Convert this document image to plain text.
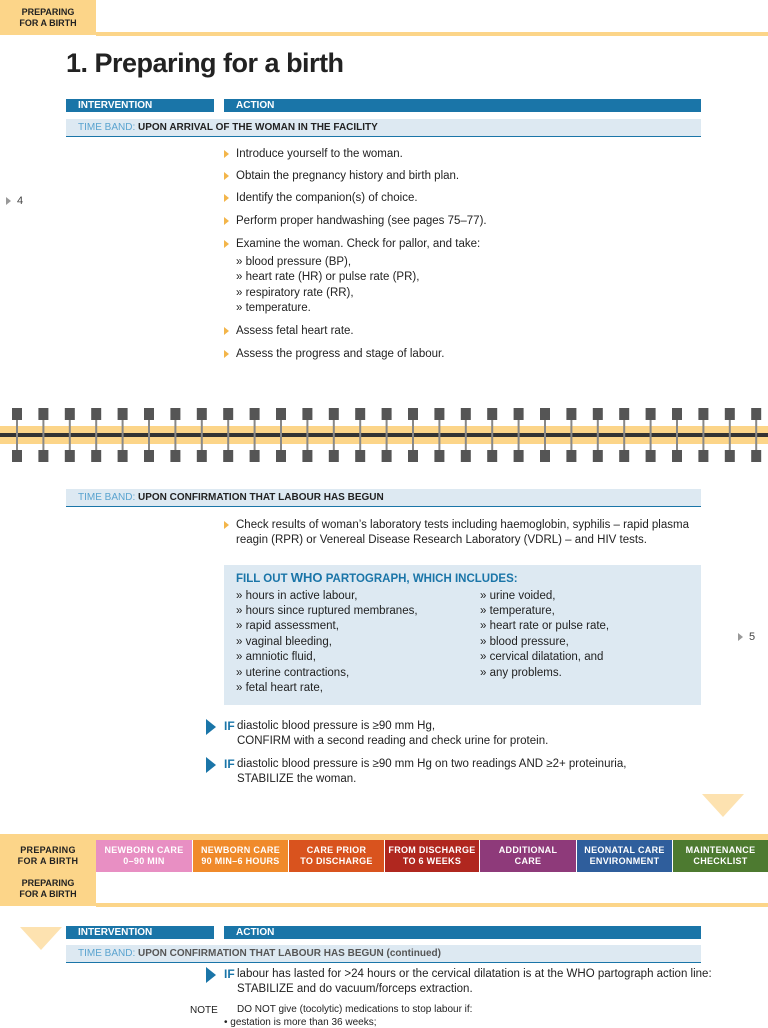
PREPARING
FOR A BIRTH
1. Preparing for a birth
INTERVENTION	ACTION
TIME BAND: UPON ARRIVAL OF THE WOMAN IN THE FACILITY
Introduce yourself to the woman.
Obtain the pregnancy history and birth plan.
Identify the companion(s) of choice.
Perform proper handwashing (see pages 75–77).
Examine the woman. Check for pallor, and take:
» blood pressure (BP),
» heart rate (HR) or pulse rate (PR),
» respiratory rate (RR),
» temperature.
Assess fetal heart rate.
Assess the progress and stage of labour.
4
5
TIME BAND: UPON CONFIRMATION THAT LABOUR HAS BEGUN
Check results of woman’s laboratory tests including haemoglobin, syphilis – rapid plasma
reagin (RPR) or Venereal Disease Research Laboratory (VDRL) – and HIV tests.
FILL OUT WHO PARTOGRAPH, WHICH INCLUDES:
» hours in active labour,
» hours since ruptured membranes,
» rapid assessment,
» vaginal bleeding,
» amniotic fluid,
» uterine contractions,
» fetal heart rate,
» urine voided,
» temperature,
» heart rate or pulse rate,
» blood pressure,
» cervical dilatation, and
» any problems.
IF diastolic blood pressure is ≥90 mm Hg,
CONFIRM with a second reading and check urine for protein.
IF diastolic blood pressure is ≥90 mm Hg on two readings AND ≥2+ proteinuria,
STABILIZE the woman.
PREPARING
FOR A BIRTH
NEWBORN CARE
0–90 MIN
NEWBORN CARE
90 MIN–6 HOURS
CARE PRIOR
TO DISCHARGE
FROM DISCHARGE
TO 6 WEEKS
ADDITIONAL
CARE
NEONATAL CARE
ENVIRONMENT
MAINTENANCE
CHECKLIST
PREPARING
FOR A BIRTH
INTERVENTION	ACTION
TIME BAND: UPON CONFIRMATION THAT LABOUR HAS BEGUN (continued)
IF labour has lasted for >24 hours or the cervical dilatation is at the WHO partograph action line:
STABILIZE and do vacuum/forceps extraction.
NOTE DO NOT give (tocolytic) medications to stop labour if:
• gestation is more than 36 weeks;
